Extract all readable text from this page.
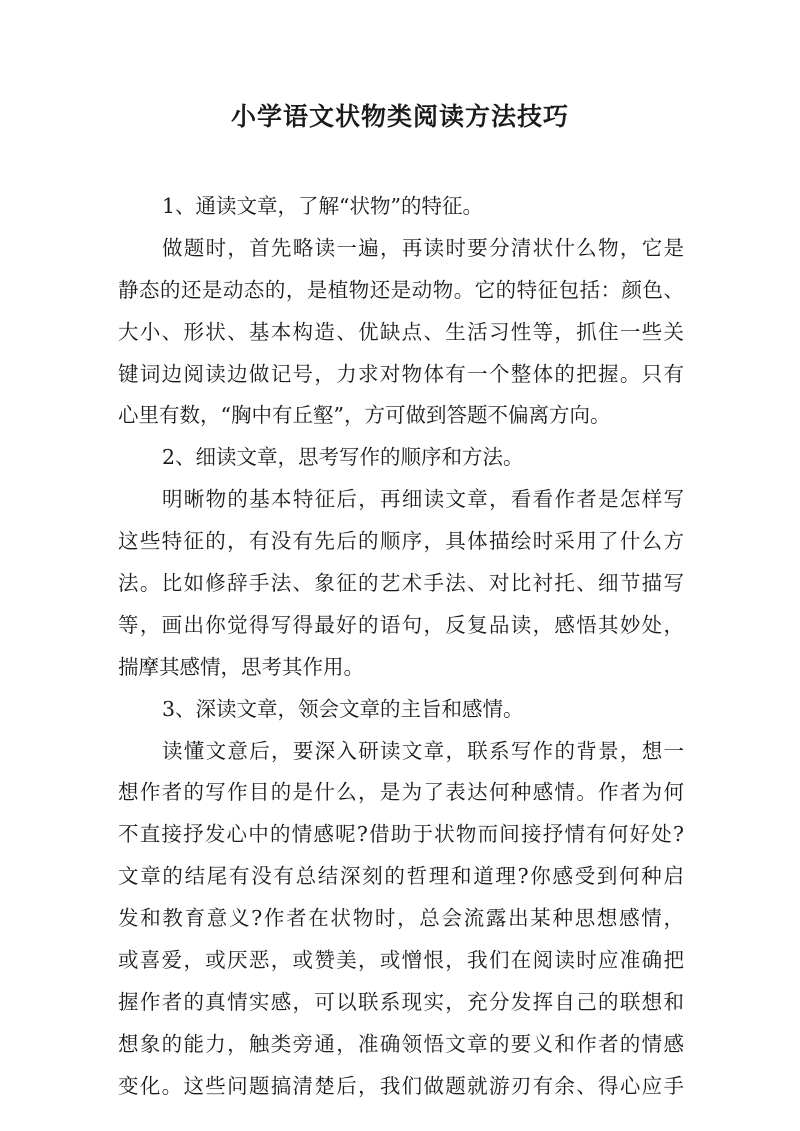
小学语文状物类阅读方法技巧
1、通读文章，了解“状物”的特征。
做题时，首先略读一遍，再读时要分清状什么物，它是
静态的还是动态的，是植物还是动物。它的特征包括：颜色、
大小、形状、基本构造、优缺点、生活习性等，抓住一些关
键词边阅读边做记号，力求对物体有一个整体的把握。只有
心里有数，“胸中有丘壑”，方可做到答题不偏离方向。
2、细读文章，思考写作的顺序和方法。
明晰物的基本特征后，再细读文章，看看作者是怎样写
这些特征的，有没有先后的顺序，具体描绘时采用了什么方
法。比如修辞手法、象征的艺术手法、对比衬托、细节描写
等，画出你觉得写得最好的语句，反复品读，感悟其妙处，
揣摩其感情，思考其作用。
3、深读文章，领会文章的主旨和感情。
读懂文意后，要深入研读文章，联系写作的背景，想一
想作者的写作目的是什么，是为了表达何种感情。作者为何
不直接抒发心中的情感呢?借助于状物而间接抒情有何好处?
文章的结尾有没有总结深刻的哲理和道理?你感受到何种启
发和教育意义?作者在状物时，总会流露出某种思想感情，
或喜爱，或厌恶，或赞美，或憎恨，我们在阅读时应准确把
握作者的真情实感，可以联系现实，充分发挥自己的联想和
想象的能力，触类旁通，准确领悟文章的要义和作者的情感
变化。这些问题搞清楚后，我们做题就游刃有余、得心应手
